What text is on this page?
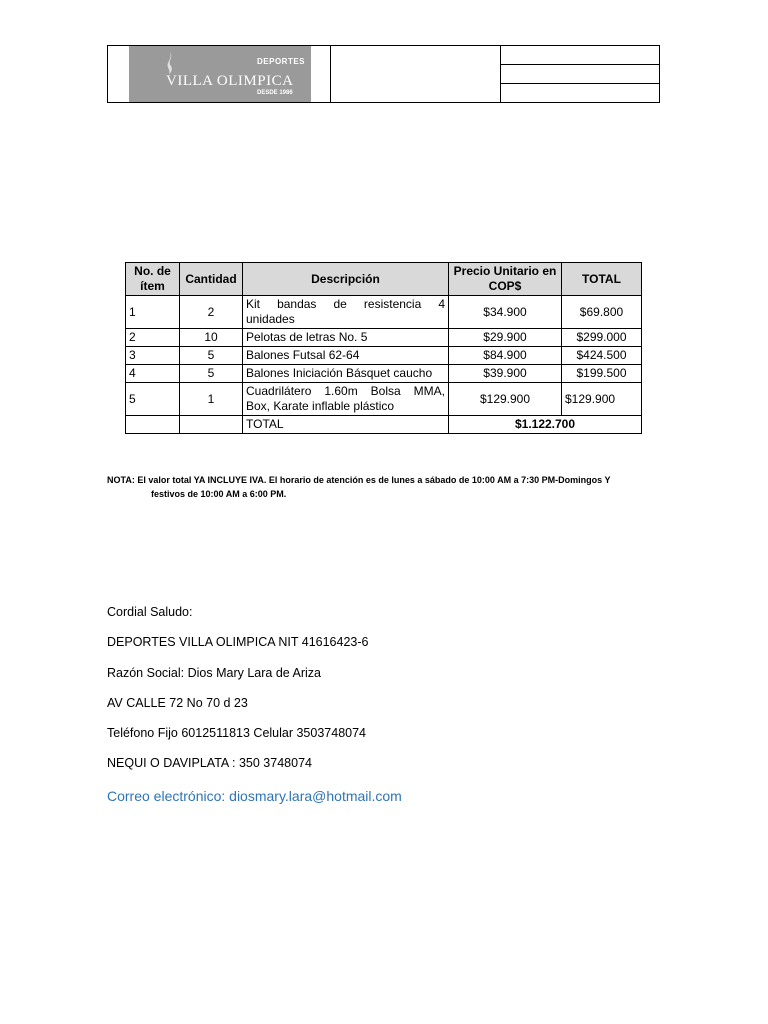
DEPORTES
VILLA OLIMPICA
DESDE 1986

No. de ítem	Cantidad	Descripción	Precio Unitario en COP$	TOTAL
1	2	Kit bandas de resistencia 4
unidades	$34.900	$69.800
2	10	Pelotas de letras No. 5	$29.900	$299.000
3	5	Balones Futsal 62-64	$84.900	$424.500
4	5	Balones Iniciación Básquet caucho	$39.900	$199.500
5	1	Cuadrilátero 1.60m Bolsa MMA,
Box, Karate inflable plástico	$129.900	$129.900
		TOTAL	$1.122.700	
NOTA: El valor total YA INCLUYE IVA. El horario de atención es de lunes a sábado de 10:00 AM a 7:30 PM-Domingos Y
festivos de 10:00 AM a 6:00 PM.
Cordial Saludo:
DEPORTES VILLA OLIMPICA NIT 41616423-6
Razón Social: Dios Mary Lara de Ariza
AV CALLE 72 No 70 d 23
Teléfono Fijo 6012511813 Celular 3503748074
NEQUI O DAVIPLATA : 350 3748074
Correo electrónico: diosmary.lara@hotmail.com
